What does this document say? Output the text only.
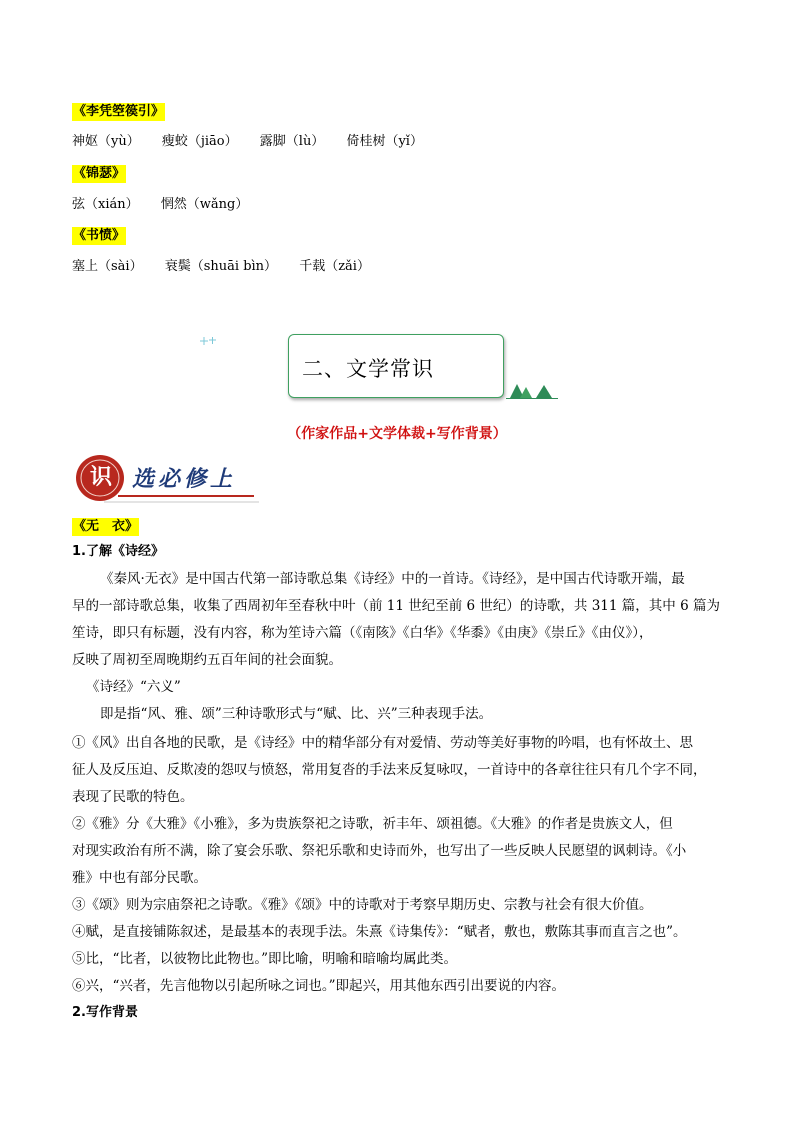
《李凭箜篌引》
神妪（yù） 瘦蛟（jiāo） 露脚（lù） 倚桂树（yǐ）
《锦瑟》
弦（xián） 惘然（wǎng）
《书愤》
塞上（sài） 衰鬓（shuāi bìn） 千载（zǎi）
二、文学常识
（作家作品+文学体裁+写作背景）
识 选必修上
《无　衣》
1.了解《诗经》
《秦风·无衣》是中国古代第一部诗歌总集《诗经》中的一首诗。《诗经》，是中国古代诗歌开端，最
早的一部诗歌总集，收集了西周初年至春秋中叶（前 11 世纪至前 6 世纪）的诗歌，共 311 篇，其中 6 篇为
笙诗，即只有标题，没有内容，称为笙诗六篇（《南陔》《白华》《华黍》《由庚》《崇丘》《由仪》），
反映了周初至周晚期约五百年间的社会面貌。
《诗经》“六义”
即是指“风、雅、颂”三种诗歌形式与“赋、比、兴”三种表现手法。
①《风》出自各地的民歌，是《诗经》中的精华部分有对爱情、劳动等美好事物的吟唱，也有怀故土、思
征人及反压迫、反欺凌的怨叹与愤怒，常用复沓的手法来反复咏叹，一首诗中的各章往往只有几个字不同，
表现了民歌的特色。
②《雅》分《大雅》《小雅》，多为贵族祭祀之诗歌，祈丰年、颂祖德。《大雅》的作者是贵族文人，但
对现实政治有所不满，除了宴会乐歌、祭祀乐歌和史诗而外，也写出了一些反映人民愿望的讽刺诗。《小
雅》中也有部分民歌。
③《颂》则为宗庙祭祀之诗歌。《雅》《颂》中的诗歌对于考察早期历史、宗教与社会有很大价值。
④赋，是直接铺陈叙述，是最基本的表现手法。朱熹《诗集传》：“赋者，敷也，敷陈其事而直言之也”。
⑤比，“比者，以彼物比此物也。”即比喻，明喻和暗喻均属此类。
⑥兴，“兴者，先言他物以引起所咏之词也。”即起兴，用其他东西引出要说的内容。
2.写作背景
